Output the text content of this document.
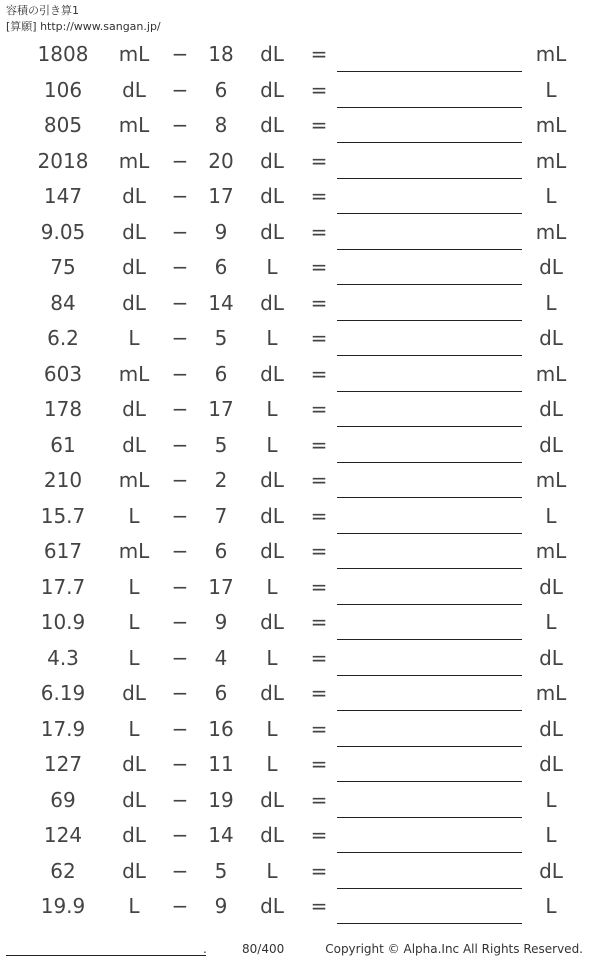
容積の引き算1
[算願] http://www.sangan.jp/
1808	mL	− 18	dL	=	mL
106	dL	−	6	dL	=	L
805	mL	−	8	dL	=	mL
2018	mL	− 20	dL	=	mL
147	dL	− 17	dL	=	L
9.05	dL	−	9	dL	=	mL
75	dL	−	6	L	=	dL
84	dL	− 14	dL	=	L
6.2	L	−	5	L	=	dL
603	mL	−	6	dL	=	mL
178	dL	− 17	L	=	dL
61	dL	−	5	L	=	dL
210	mL	−	2	dL	=	mL
15.7	L	−	7	dL	=	L
617	mL	−	6	dL	=	mL
17.7	L	− 17	L	=	dL
10.9	L	−	9	dL	=	L
4.3	L	−	4	L	=	dL
6.19	dL	−	6	dL	=	mL
17.9	L	− 16	L	=	dL
127	dL	− 11	L	=	dL
69	dL	− 19	dL	=	L
124	dL	− 14	dL	=	L
62	dL	−	5	L	=	dL
19.9	L	−	9	dL	=	L
.	80/400	Copyright © Alpha.Inc All Rights Reserved.
